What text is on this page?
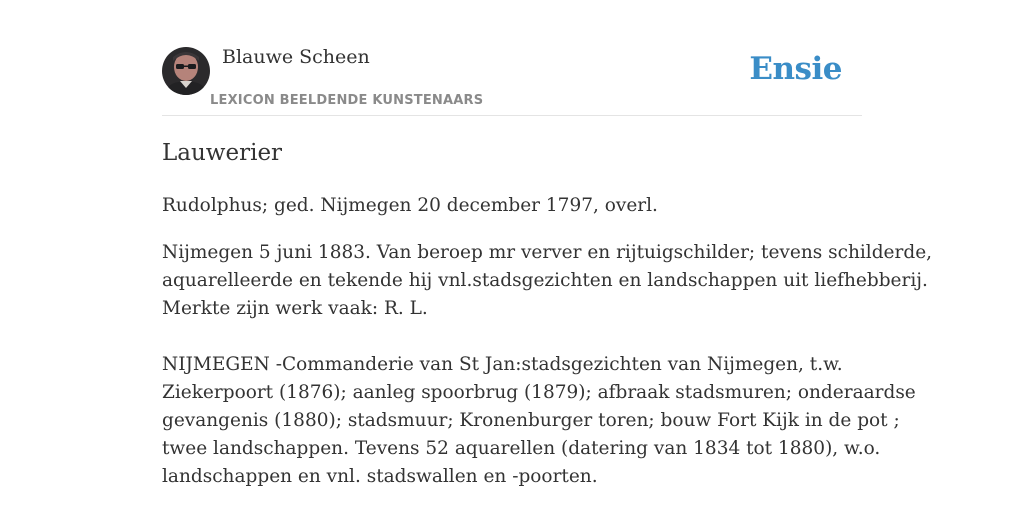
Blauwe Scheen
LEXICON BEELDENDE KUNSTENAARS
Ensie
Lauwerier

Rudolphus; ged. Nijmegen 20 december 1797, overl.

Nijmegen 5 juni 1883. Van beroep mr verver en rijtuigschilder; tevens schilderde,
aquarelleerde en tekende hij vnl.stadsgezichten en landschappen uit liefhebberij.
Merkte zijn werk vaak: R. L.

NIJMEGEN -Commanderie van St Jan:stadsgezichten van Nijmegen, t.w.
Ziekerpoort (1876); aanleg spoorbrug (1879); afbraak stadsmuren; onderaardse
gevangenis (1880); stadsmuur; Kronenburger toren; bouw Fort Kijk in de pot ;
twee landschappen. Tevens 52 aquarellen (datering van 1834 tot 1880), w.o.
landschappen en vnl. stadswallen en -poorten.
